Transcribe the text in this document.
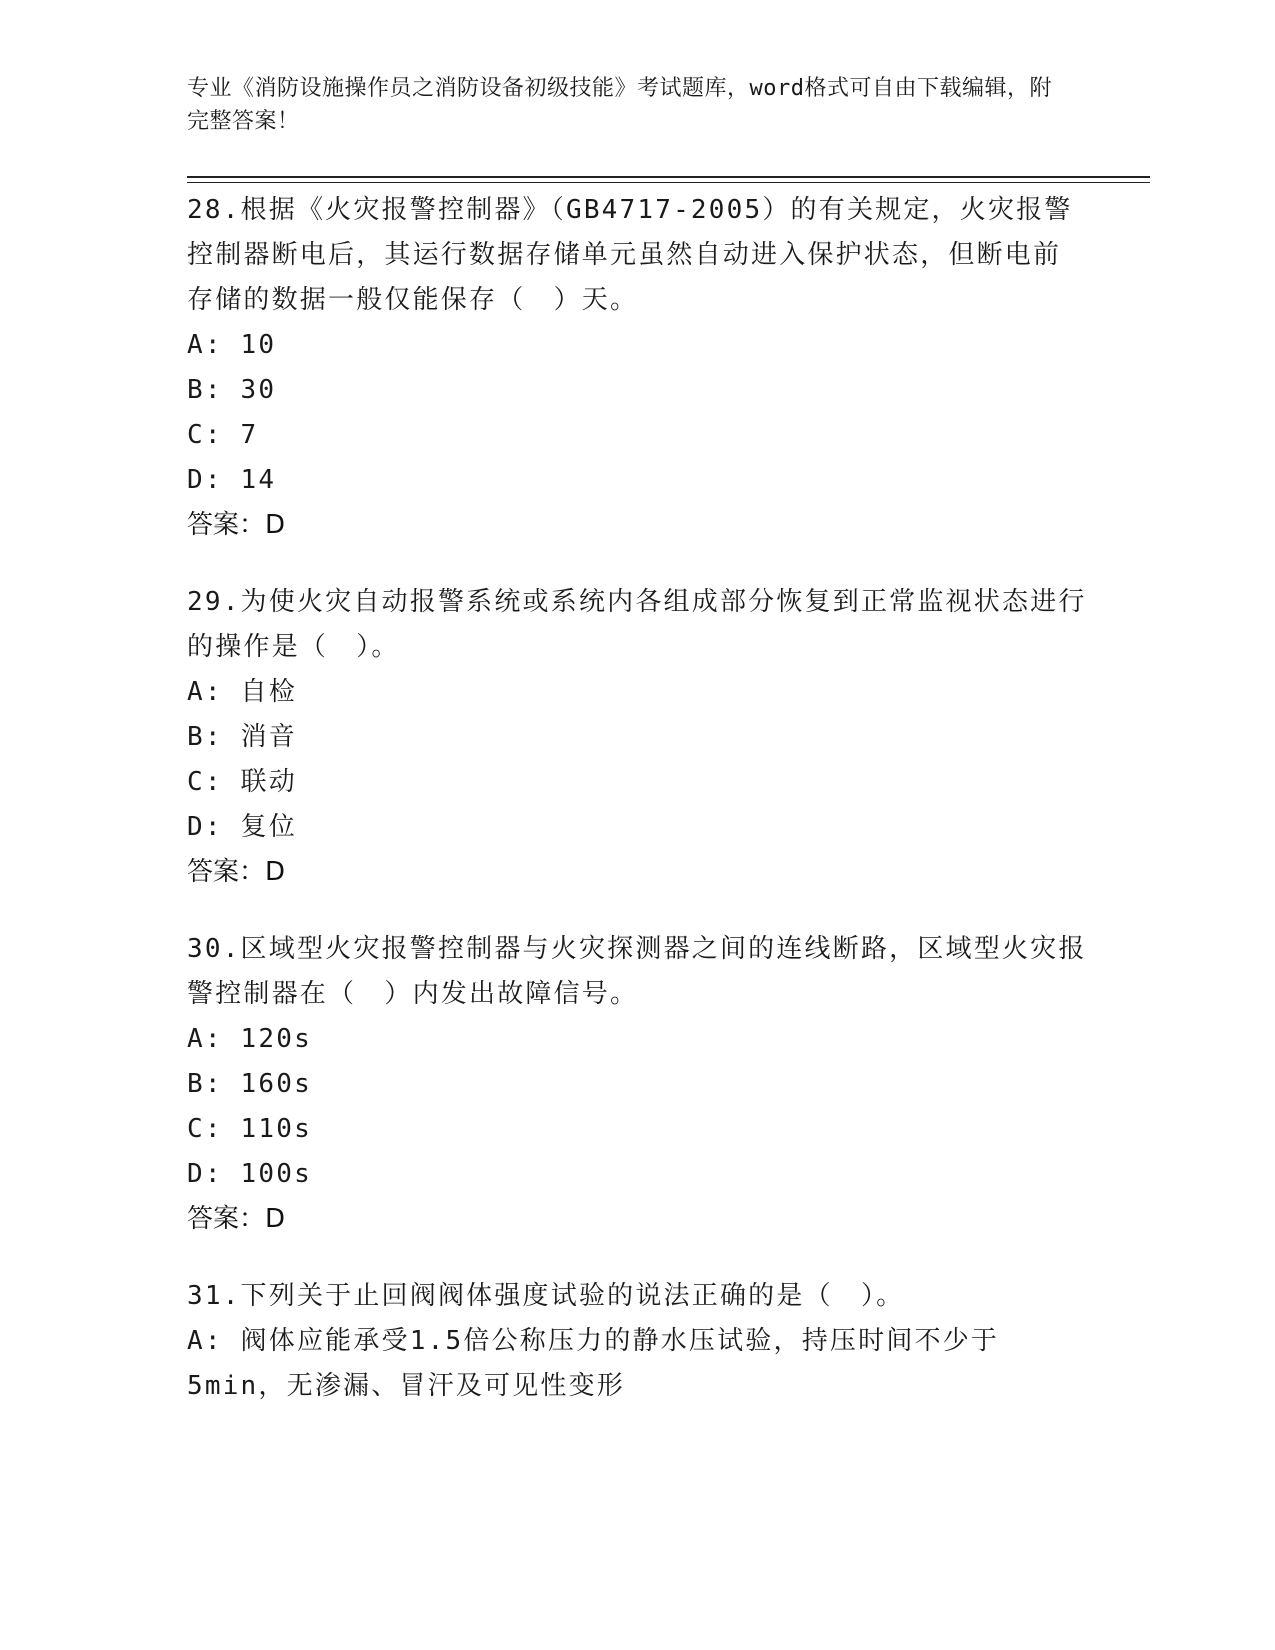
专业《消防设施操作员之消防设备初级技能》考试题库，word格式可自由下载编辑，附完整答案！

28.根据《火灾报警控制器》（GB4717-2005）的有关规定，火灾报警控制器断电后，其运行数据存储单元虽然自动进入保护状态，但断电前存储的数据一般仅能保存（　）天。

A: 10

B: 30

C: 7

D: 14

答案：D

29.为使火灾自动报警系统或系统内各组成部分恢复到正常监视状态进行的操作是（　）。

A: 自检

B: 消音

C: 联动

D: 复位

答案：D

30.区域型火灾报警控制器与火灾探测器之间的连线断路，区域型火灾报警控制器在（　）内发出故障信号。

A: 120s

B: 160s

C: 110s

D: 100s

答案：D

31.下列关于止回阀阀体强度试验的说法正确的是（　）。

A: 阀体应能承受1.5倍公称压力的静水压试验，持压时间不少于5min，无渗漏、冒汗及可见性变形
